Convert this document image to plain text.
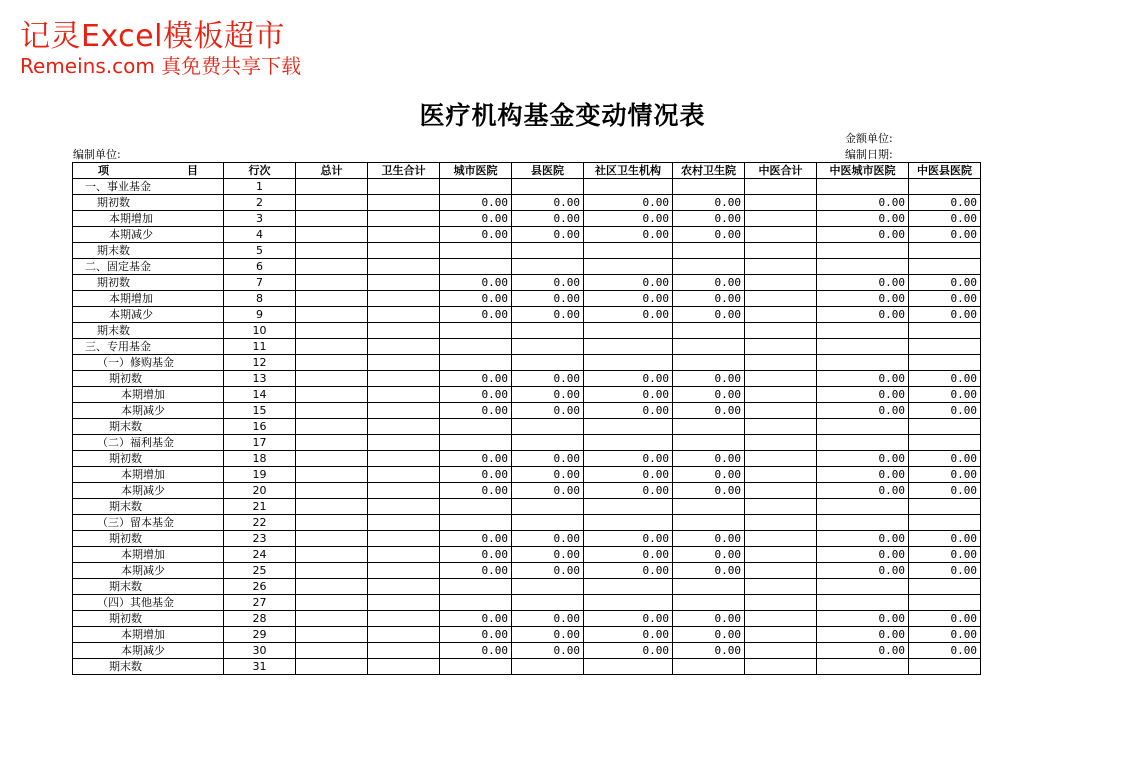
记灵Excel模板超市
Remeins.com 真免费共享下载
医疗机构基金变动情况表
金额单位:
编制日期:
编制单位:
项 目	行次	总计	卫生合计	城市医院	县医院	社区卫生机构	农村卫生院	中医合计	中医城市医院	中医县医院
一、事业基金	1									
期初数	2			0.00	0.00	0.00	0.00		0.00	0.00
本期增加	3			0.00	0.00	0.00	0.00		0.00	0.00
本期减少	4			0.00	0.00	0.00	0.00		0.00	0.00
期末数	5									
二、固定基金	6									
期初数	7			0.00	0.00	0.00	0.00		0.00	0.00
本期增加	8			0.00	0.00	0.00	0.00		0.00	0.00
本期减少	9			0.00	0.00	0.00	0.00		0.00	0.00
期末数	10									
三、专用基金	11									
（一）修购基金	12									
期初数	13			0.00	0.00	0.00	0.00		0.00	0.00
本期增加	14			0.00	0.00	0.00	0.00		0.00	0.00
本期减少	15			0.00	0.00	0.00	0.00		0.00	0.00
期末数	16									
（二）福利基金	17									
期初数	18			0.00	0.00	0.00	0.00		0.00	0.00
本期增加	19			0.00	0.00	0.00	0.00		0.00	0.00
本期减少	20			0.00	0.00	0.00	0.00		0.00	0.00
期末数	21									
（三）留本基金	22									
期初数	23			0.00	0.00	0.00	0.00		0.00	0.00
本期增加	24			0.00	0.00	0.00	0.00		0.00	0.00
本期减少	25			0.00	0.00	0.00	0.00		0.00	0.00
期末数	26									
（四）其他基金	27									
期初数	28			0.00	0.00	0.00	0.00		0.00	0.00
本期增加	29			0.00	0.00	0.00	0.00		0.00	0.00
本期减少	30			0.00	0.00	0.00	0.00		0.00	0.00
期末数	31									
